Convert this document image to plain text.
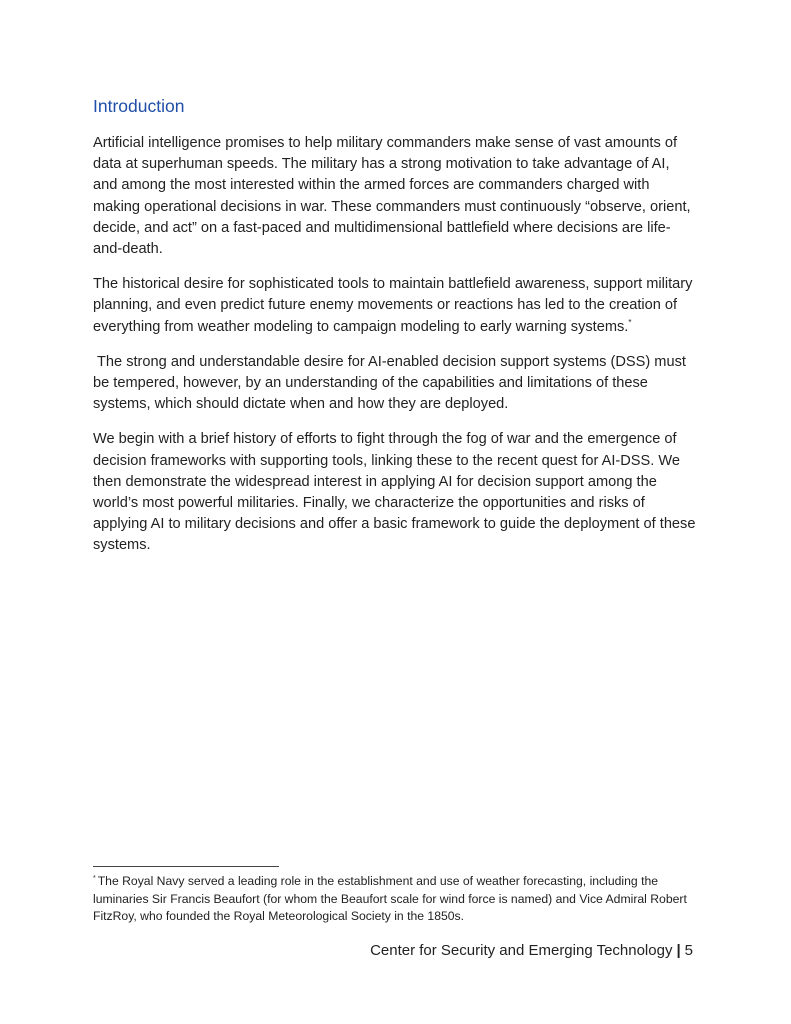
Introduction

Artificial intelligence promises to help military commanders make sense of vast amounts of data at superhuman speeds. The military has a strong motivation to take advantage of AI, and among the most interested within the armed forces are commanders charged with making operational decisions in war. These commanders must continuously “observe, orient, decide, and act” on a fast-paced and multidimensional battlefield where decisions are life-and-death.

The historical desire for sophisticated tools to maintain battlefield awareness, support military planning, and even predict future enemy movements or reactions has led to the creation of everything from weather modeling to campaign modeling to early warning systems.*

The strong and understandable desire for AI-enabled decision support systems (DSS) must be tempered, however, by an understanding of the capabilities and limitations of these systems, which should dictate when and how they are deployed.

We begin with a brief history of efforts to fight through the fog of war and the emergence of decision frameworks with supporting tools, linking these to the recent quest for AI-DSS. We then demonstrate the widespread interest in applying AI for decision support among the world’s most powerful militaries. Finally, we characterize the opportunities and risks of applying AI to military decisions and offer a basic framework to guide the deployment of these systems.

* The Royal Navy served a leading role in the establishment and use of weather forecasting, including the luminaries Sir Francis Beaufort (for whom the Beaufort scale for wind force is named) and Vice Admiral Robert FitzRoy, who founded the Royal Meteorological Society in the 1850s.

Center for Security and Emerging Technology | 5
